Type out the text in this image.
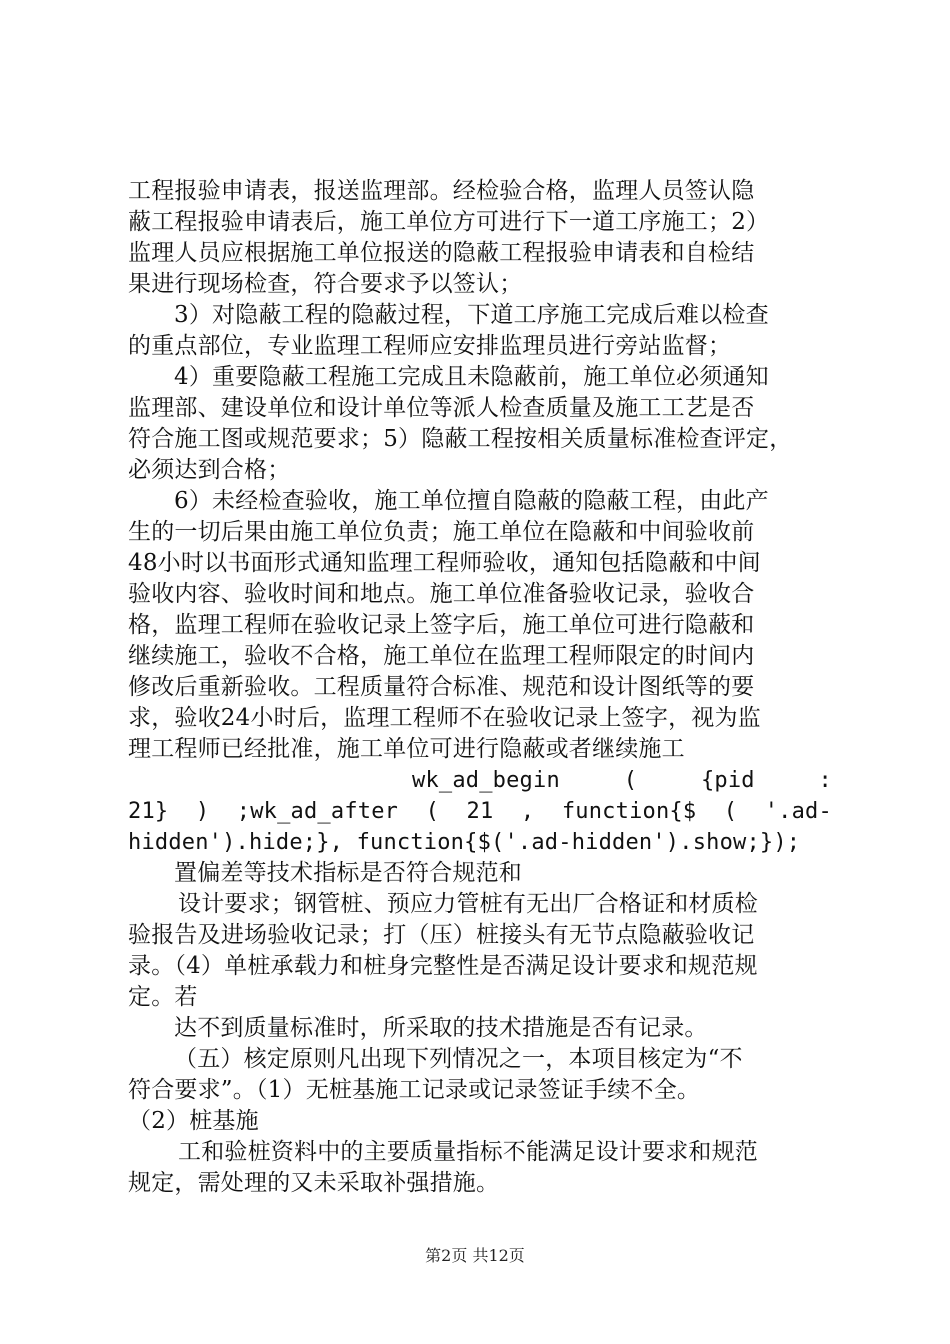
工程报验申请表，报送监理部。经检验合格，监理人员签认隐
蔽工程报验申请表后，施工单位方可进行下一道工序施工；2）
监理人员应根据施工单位报送的隐蔽工程报验申请表和自检结
果进行现场检查，符合要求予以签认；
3）对隐蔽工程的隐蔽过程，下道工序施工完成后难以检查
的重点部位，专业监理工程师应安排监理员进行旁站监督；
4）重要隐蔽工程施工完成且未隐蔽前，施工单位必须通知
监理部、建设单位和设计单位等派人检查质量及施工工艺是否
符合施工图或规范要求；5）隐蔽工程按相关质量标准检查评定，
必须达到合格；
6）未经检查验收，施工单位擅自隐蔽的隐蔽工程，由此产
生的一切后果由施工单位负责；施工单位在隐蔽和中间验收前
48小时以书面形式通知监理工程师验收，通知包括隐蔽和中间
验收内容、验收时间和地点。施工单位准备验收记录，验收合
格，监理工程师在验收记录上签字后，施工单位可进行隐蔽和
继续施工，验收不合格，施工单位在监理工程师限定的时间内
修改后重新验收。工程质量符合标准、规范和设计图纸等的要
求，验收24小时后，监理工程师不在验收记录上签字，视为监
理工程师已经批准，施工单位可进行隐蔽或者继续施工
wk_ad_begin	(	{pid	:
21} ) ;wk_ad_after ( 21 , function{$ ( '.ad-
hidden').hide;}, function{$('.ad-hidden').show;});
置偏差等技术指标是否符合规范和
设计要求；钢管桩、预应力管桩有无出厂合格证和材质检
验报告及进场验收记录；打（压）桩接头有无节点隐蔽验收记
录。（4）单桩承载力和桩身完整性是否满足设计要求和规范规
定。若
达不到质量标准时，所采取的技术措施是否有记录。
（五）核定原则凡出现下列情况之一，本项目核定为“不
符合要求”。（1）无桩基施工记录或记录签证手续不全。
（2）桩基施
工和验桩资料中的主要质量指标不能满足设计要求和规范
规定，需处理的又未采取补强措施。
第2页 共12页
